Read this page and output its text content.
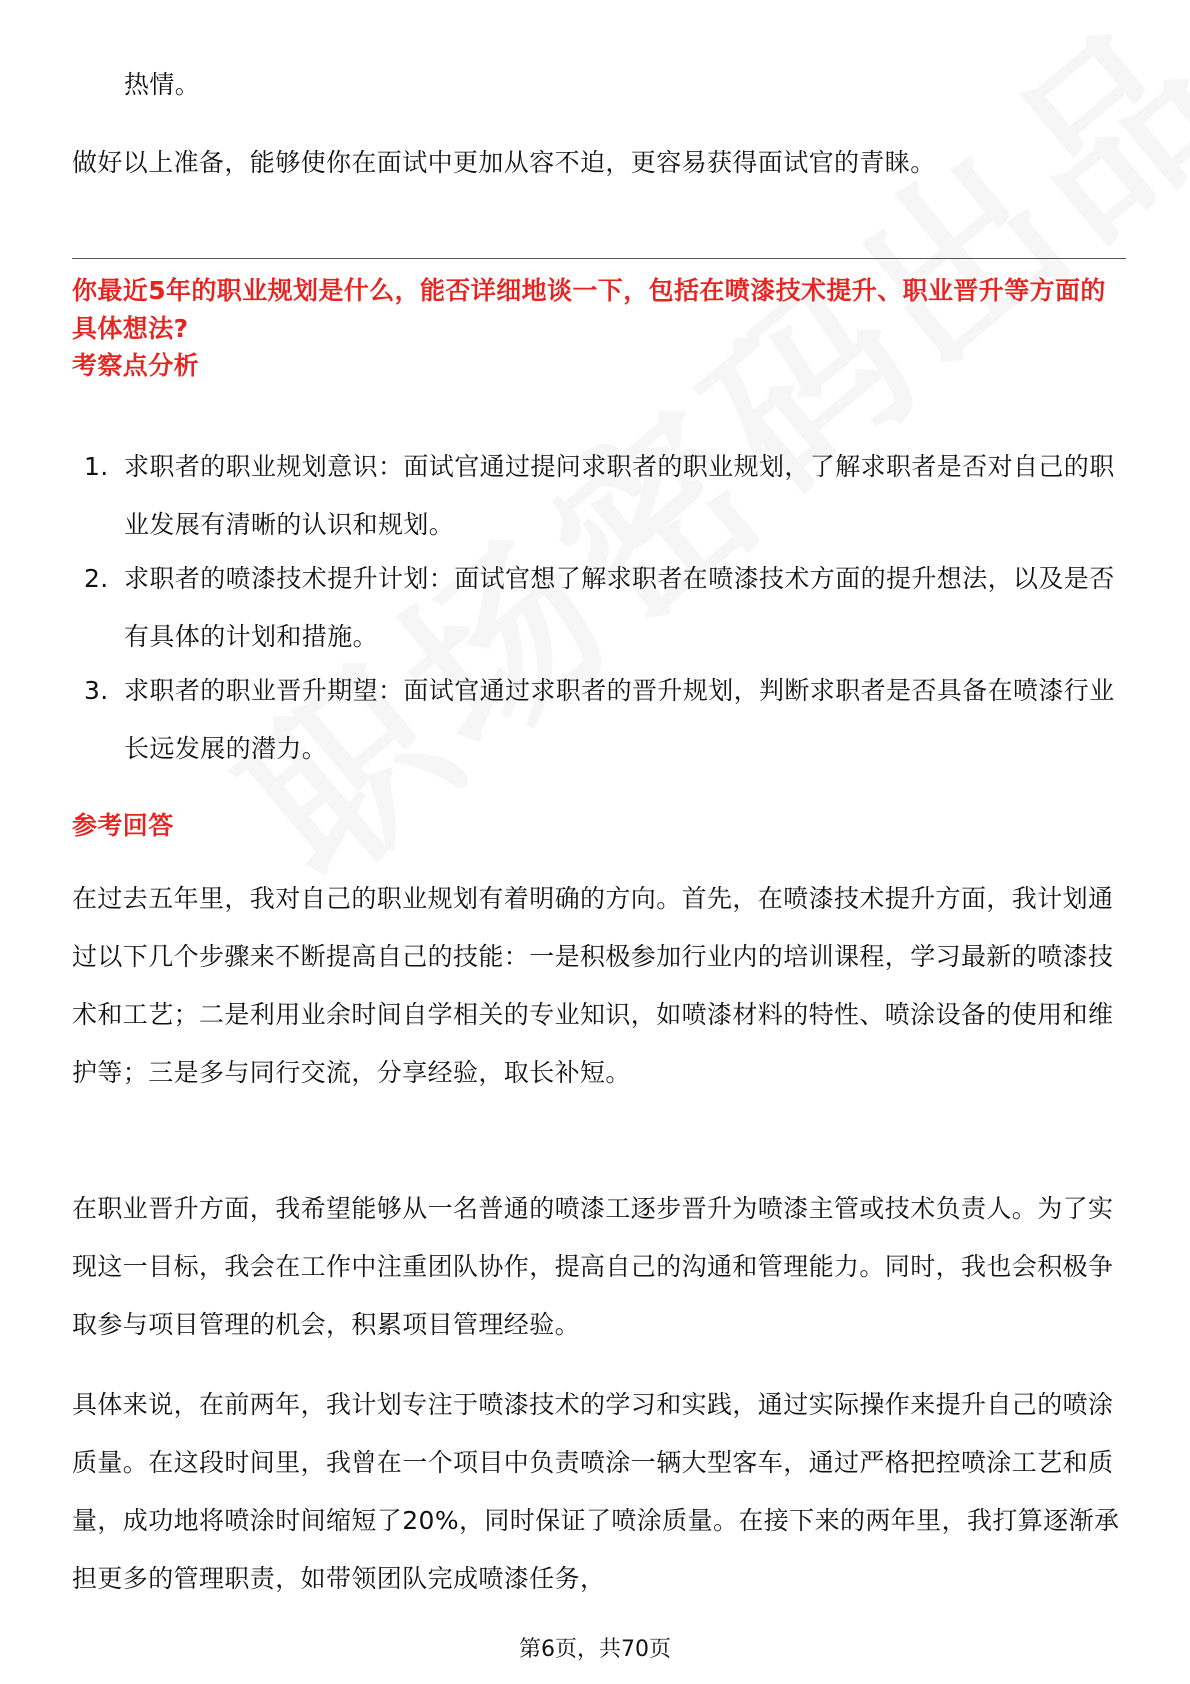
热情。
做好以上准备，能够使你在面试中更加从容不迫，更容易获得面试官的青睐。
你最近5年的职业规划是什么，能否详细地谈一下，包括在喷漆技术提升、职业晋升等方面的具体想法?
考察点分析
1. 求职者的职业规划意识：面试官通过提问求职者的职业规划，了解求职者是否对自己的职业发展有清晰的认识和规划。
2. 求职者的喷漆技术提升计划：面试官想了解求职者在喷漆技术方面的提升想法，以及是否有具体的计划和措施。
3. 求职者的职业晋升期望：面试官通过求职者的晋升规划，判断求职者是否具备在喷漆行业长远发展的潜力。
参考回答

在过去五年里，我对自己的职业规划有着明确的方向。首先，在喷漆技术提升方面，我计划通过以下几个步骤来不断提高自己的技能：一是积极参加行业内的培训课程，学习最新的喷漆技术和工艺；二是利用业余时间自学相关的专业知识，如喷漆材料的特性、喷涂设备的使用和维护等；三是多与同行交流，分享经验，取长补短。

在职业晋升方面，我希望能够从一名普通的喷漆工逐步晋升为喷漆主管或技术负责人。为了实现这一目标，我会在工作中注重团队协作，提高自己的沟通和管理能力。同时，我也会积极争取参与项目管理的机会，积累项目管理经验。

具体来说，在前两年，我计划专注于喷漆技术的学习和实践，通过实际操作来提升自己的喷涂质量。在这段时间里，我曾在一个项目中负责喷涂一辆大型客车，通过严格把控喷涂工艺和质量，成功地将喷涂时间缩短了20%，同时保证了喷涂质量。在接下来的两年里，我打算逐渐承担更多的管理职责，如带领团队完成喷漆任务，

第6页，共70页
